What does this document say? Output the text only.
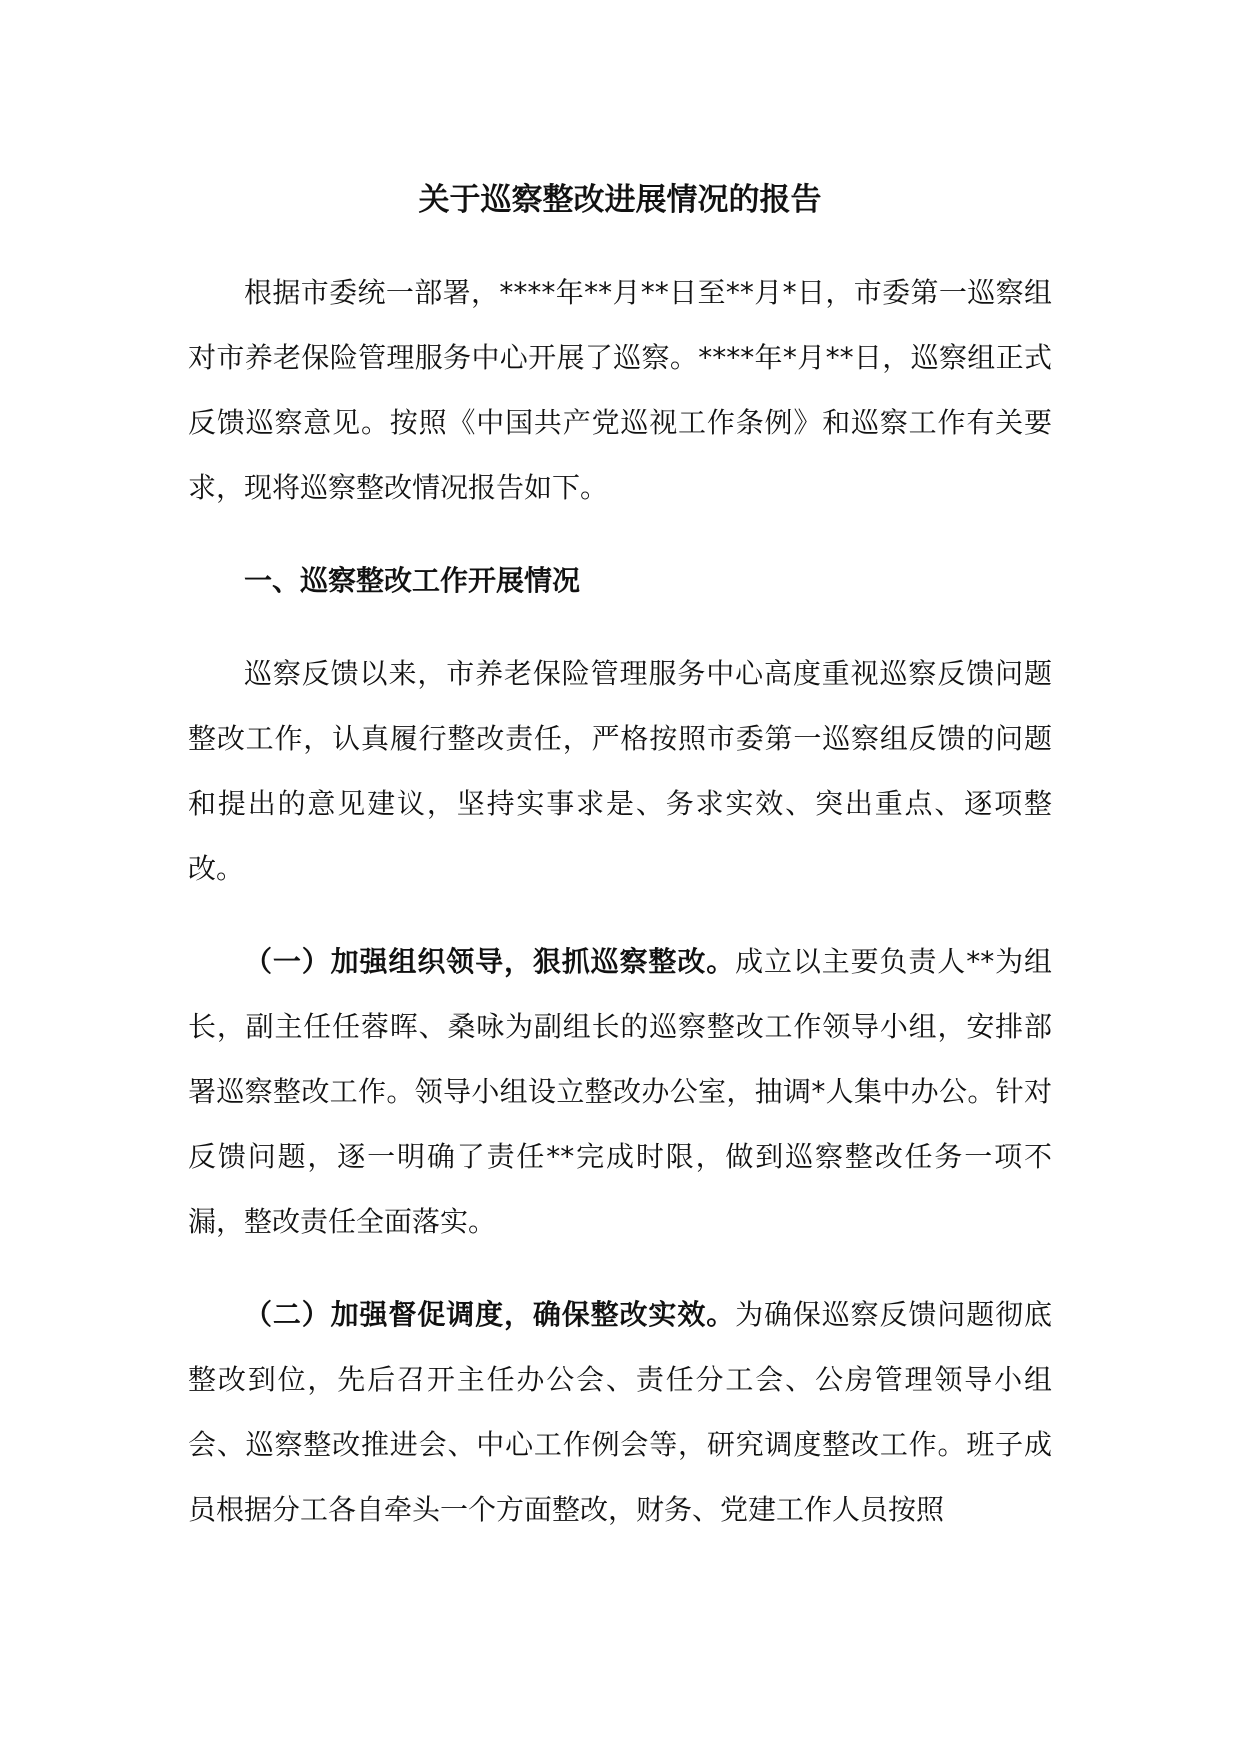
关于巡察整改进展情况的报告

根据市委统一部署，****年**月**日至**月*日，市委第一巡察组对市养老保险管理服务中心开展了巡察。****年*月**日，巡察组正式反馈巡察意见。按照《中国共产党巡视工作条例》和巡察工作有关要求，现将巡察整改情况报告如下。

一、巡察整改工作开展情况

巡察反馈以来，市养老保险管理服务中心高度重视巡察反馈问题整改工作，认真履行整改责任，严格按照市委第一巡察组反馈的问题和提出的意见建议，坚持实事求是、务求实效、突出重点、逐项整改。

（一）加强组织领导，狠抓巡察整改。成立以主要负责人**为组长，副主任任蓉晖、桑咏为副组长的巡察整改工作领导小组，安排部署巡察整改工作。领导小组设立整改办公室，抽调*人集中办公。针对反馈问题，逐一明确了责任**完成时限，做到巡察整改任务一项不漏，整改责任全面落实。

（二）加强督促调度，确保整改实效。为确保巡察反馈问题彻底整改到位，先后召开主任办公会、责任分工会、公房管理领导小组会、巡察整改推进会、中心工作例会等，研究调度整改工作。班子成员根据分工各自牵头一个方面整改，财务、党建工作人员按照
